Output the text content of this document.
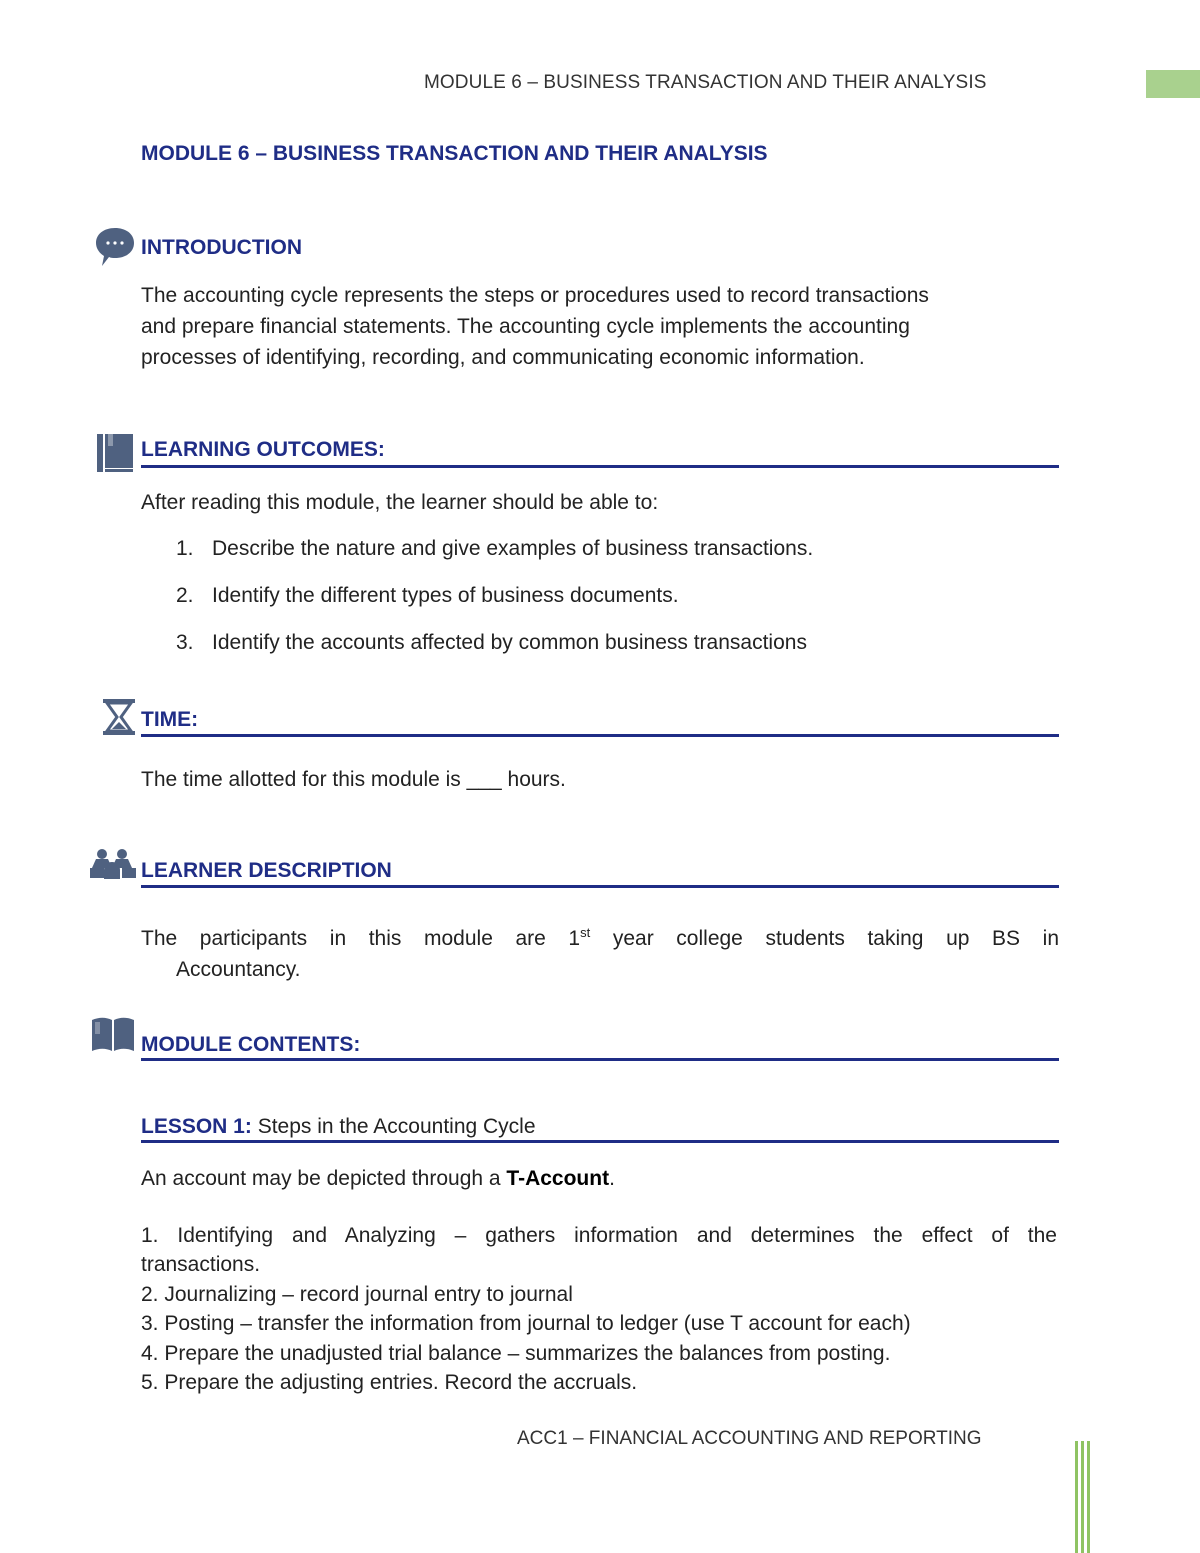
MODULE 6 – BUSINESS TRANSACTION AND THEIR ANALYSIS
MODULE 6 – BUSINESS TRANSACTION AND THEIR ANALYSIS
INTRODUCTION
The accounting cycle represents the steps or procedures used to record transactions
and prepare financial statements. The accounting cycle implements the accounting
processes of identifying, recording, and communicating economic information.
LEARNING OUTCOMES:
After reading this module, the learner should be able to:
1. Describe the nature and give examples of business transactions.
2. Identify the different types of business documents.
3. Identify the accounts affected by common business transactions
TIME:
The time allotted for this module is ___ hours.
LEARNER DESCRIPTION
The participants in this module are 1st year college students taking up BS in
Accountancy.
MODULE CONTENTS:
LESSON 1: Steps in the Accounting Cycle
An account may be depicted through a T-Account.
1. Identifying and Analyzing – gathers information and determines the effect of the
transactions.
2. Journalizing – record journal entry to journal
3. Posting – transfer the information from journal to ledger (use T account for each)
4. Prepare the unadjusted trial balance – summarizes the balances from posting.
5. Prepare the adjusting entries. Record the accruals.
ACC1 – FINANCIAL ACCOUNTING AND REPORTING
